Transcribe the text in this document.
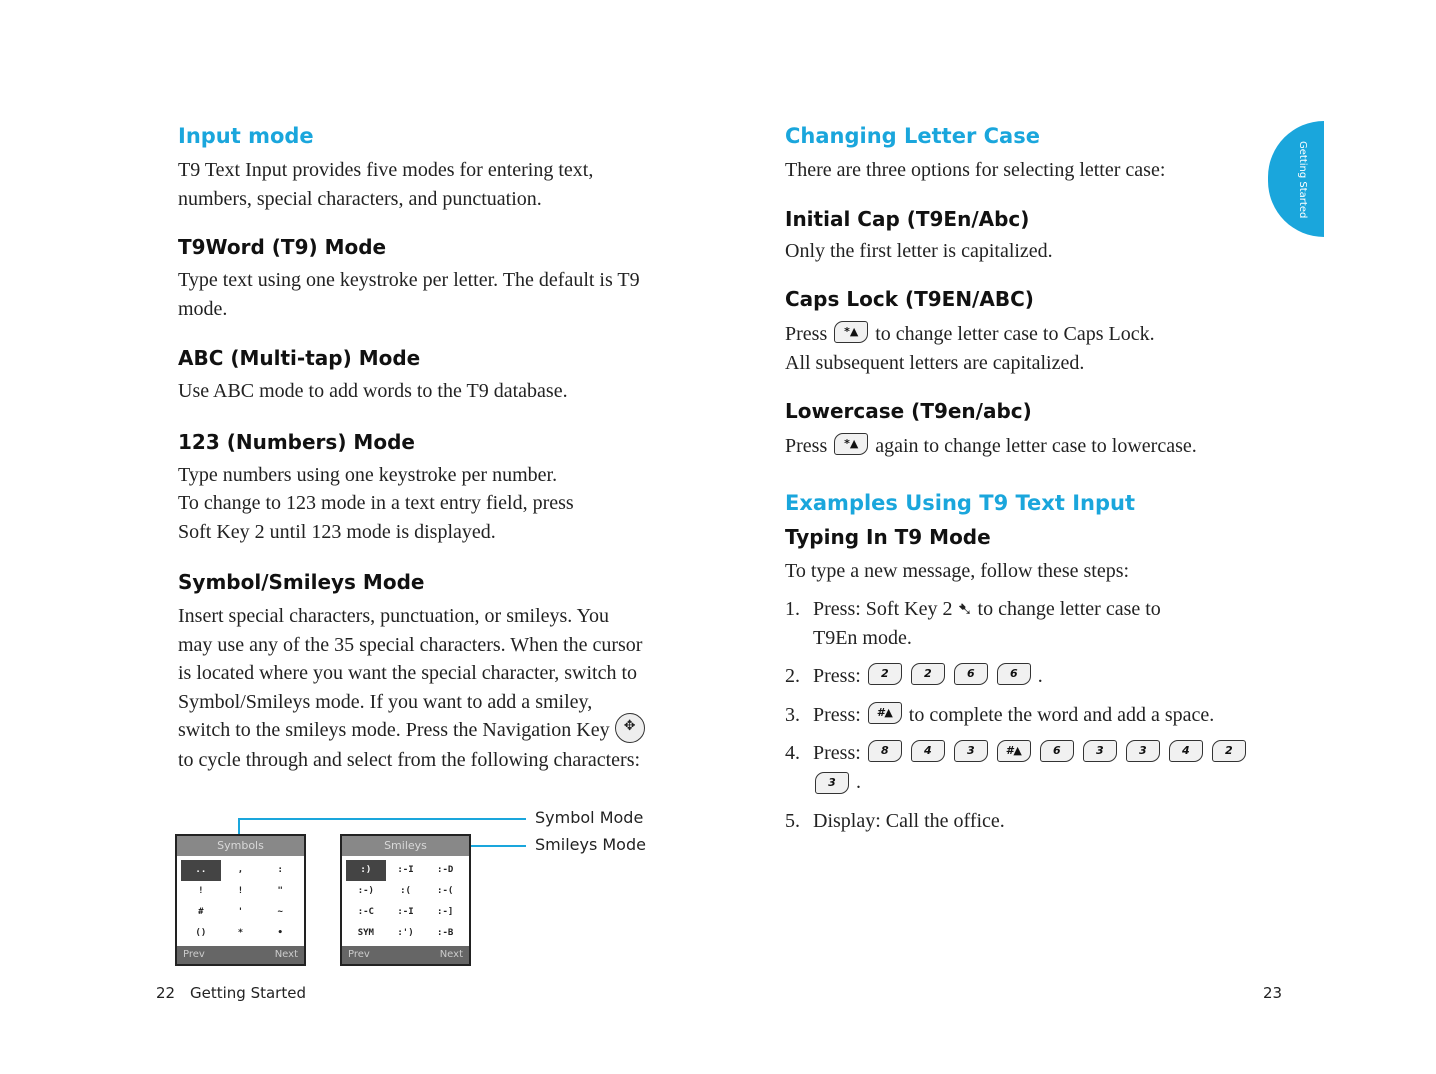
Getting Started
Input mode

T9 Text Input provides five modes for entering text, numbers, special characters, and punctuation.

T9Word (T9) Mode

Type text using one keystroke per letter. The default is T9 mode.

ABC (Multi-tap) Mode

Use ABC mode to add words to the T9 database.

123 (Numbers) Mode

Type numbers using one keystroke per number.
To change to 123 mode in a text entry field, press
Soft Key 2 until 123 mode is displayed.

Symbol/Smileys Mode

Insert special characters, punctuation, or smileys. You may use any of the 35 special characters. When the cursor is located where you want the special character, switch to Symbol/Smileys mode. If you want to add a smiley, switch to the smileys mode. Press the Navigation Key ✥ to cycle through and select from the following characters:

Symbol Mode
Smileys Mode
Symbols
..	,	:
!	!	"
#	'	~
()	*	•
Prev	Next
Smileys
:)	:-I	:-D
:-)	:(	:-(
:-C	:-I	:-]
SYM	:')	:-B
Prev	Next
22 Getting Started
Changing Letter Case

There are three options for selecting letter case:

Initial Cap (T9En/Abc)

Only the first letter is capitalized.

Caps Lock (T9EN/ABC)

Press *▲ to change letter case to Caps Lock.
All subsequent letters are capitalized.

Lowercase (T9en/abc)

Press *▲ again to change letter case to lowercase.

Examples Using T9 Text Input
Typing In T9 Mode

To type a new message, follow these steps:

1. Press: Soft Key 2 ➷ to change letter case to
T9En mode.
2. Press: 2	2	6	6 .
3. Press: #▲ to complete the word and add a space.
4. Press: 8	4	3	#▲	6	3	3	4	2
3 .
5. Display: Call the office.
23
